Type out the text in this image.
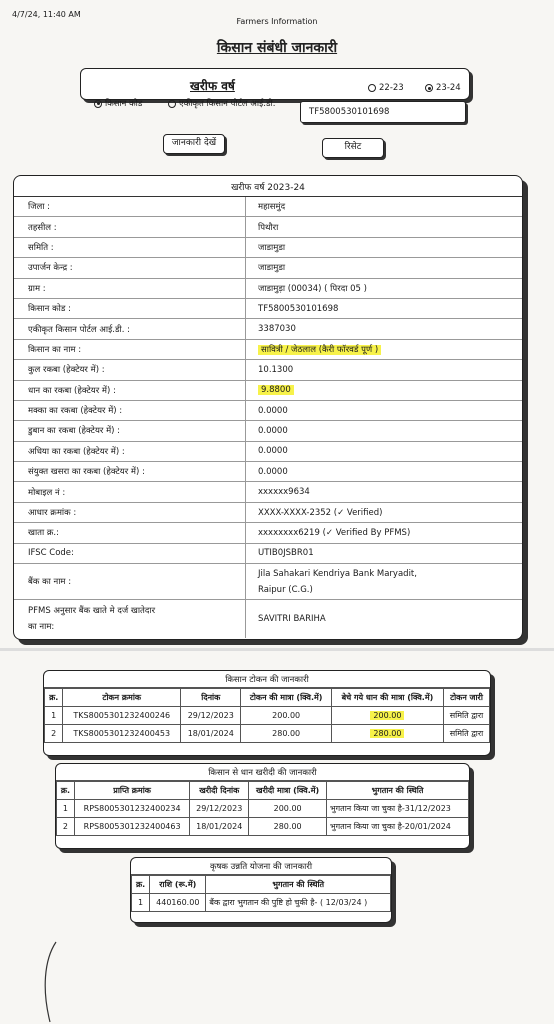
4/7/24, 11:40 AM
Farmers Information
किसान संबंधी जानकारी
खरीफ वर्ष	22-23	23-24
किसान कोड	एकीकृत किसान पोर्टल आई.डी.
TF5800530101698
जानकारी देखें	रिसेट
खरीफ वर्ष 2023-24
जिला :	महासमुंद
तहसील :	पिथौरा
समिति :	जाडामुडा
उपार्जन केन्द्र :	जाडामुडा
ग्राम :	जाडामुड़ा (00034) ( पिरदा 05 )
किसान कोड :	TF5800530101698
एकीकृत किसान पोर्टल आई.डी. :	3387030
किसान का नाम :	सावित्री / जेठलाल (कैरी फॉरवर्ड पूर्ण )
कुल रकबा (हेक्टेयर में) :	10.1300
धान का रकबा (हेक्टेयर में) :	9.8800
मक्का का रकबा (हेक्टेयर में) :	0.0000
डुबान का रकबा (हेक्टेयर में) :	0.0000
अधिया का रकबा (हेक्टेयर में) :	0.0000
संयुक्त खसरा का रकबा (हेक्टेयर में) :	0.0000
मोबाइल नं :	xxxxxx9634
आधार क्रमांक :	XXXX-XXXX-2352 (✓ Verified)
खाता क्र.:	xxxxxxxx6219 (✓ Verified By PFMS)
IFSC Code:	UTIB0JSBR01
बैंक का नाम :
Jila Sahakari Kendriya Bank Maryadit,
Raipur (C.G.)
PFMS अनुसार बैंक खाते मे दर्ज खातेदार
का नाम:
SAVITRI BARIHA
किसान टोकन की जानकारी
क्र.	टोकन क्रमांक	दिनांक	टोकन की मात्रा (क्वि.में)	बेचे गये धान की मात्रा (क्वि.में)	टोकन जारी
1	TKS8005301232400246	29/12/2023	200.00	200.00	समिति द्वारा
2	TKS8005301232400453	18/01/2024	280.00	280.00	समिति द्वारा
किसान से धान खरीदी की जानकारी
क्र.	प्राप्ति क्रमांक	खरीदी दिनांक	खरीदी मात्रा (क्वि.में)	भुगतान की स्थिति
1	RPS8005301232400234	29/12/2023	200.00	भुगतान किया जा चुका है-31/12/2023
2	RPS8005301232400463	18/01/2024	280.00	भुगतान किया जा चुका है-20/01/2024
कृषक उन्नति योजना की जानकारी
क्र.	राशि (रू.में)	भुगतान की स्थिति
1	440160.00	बैंक द्वारा भुगतान की पुष्टि हो चुकी है- ( 12/03/24 )
